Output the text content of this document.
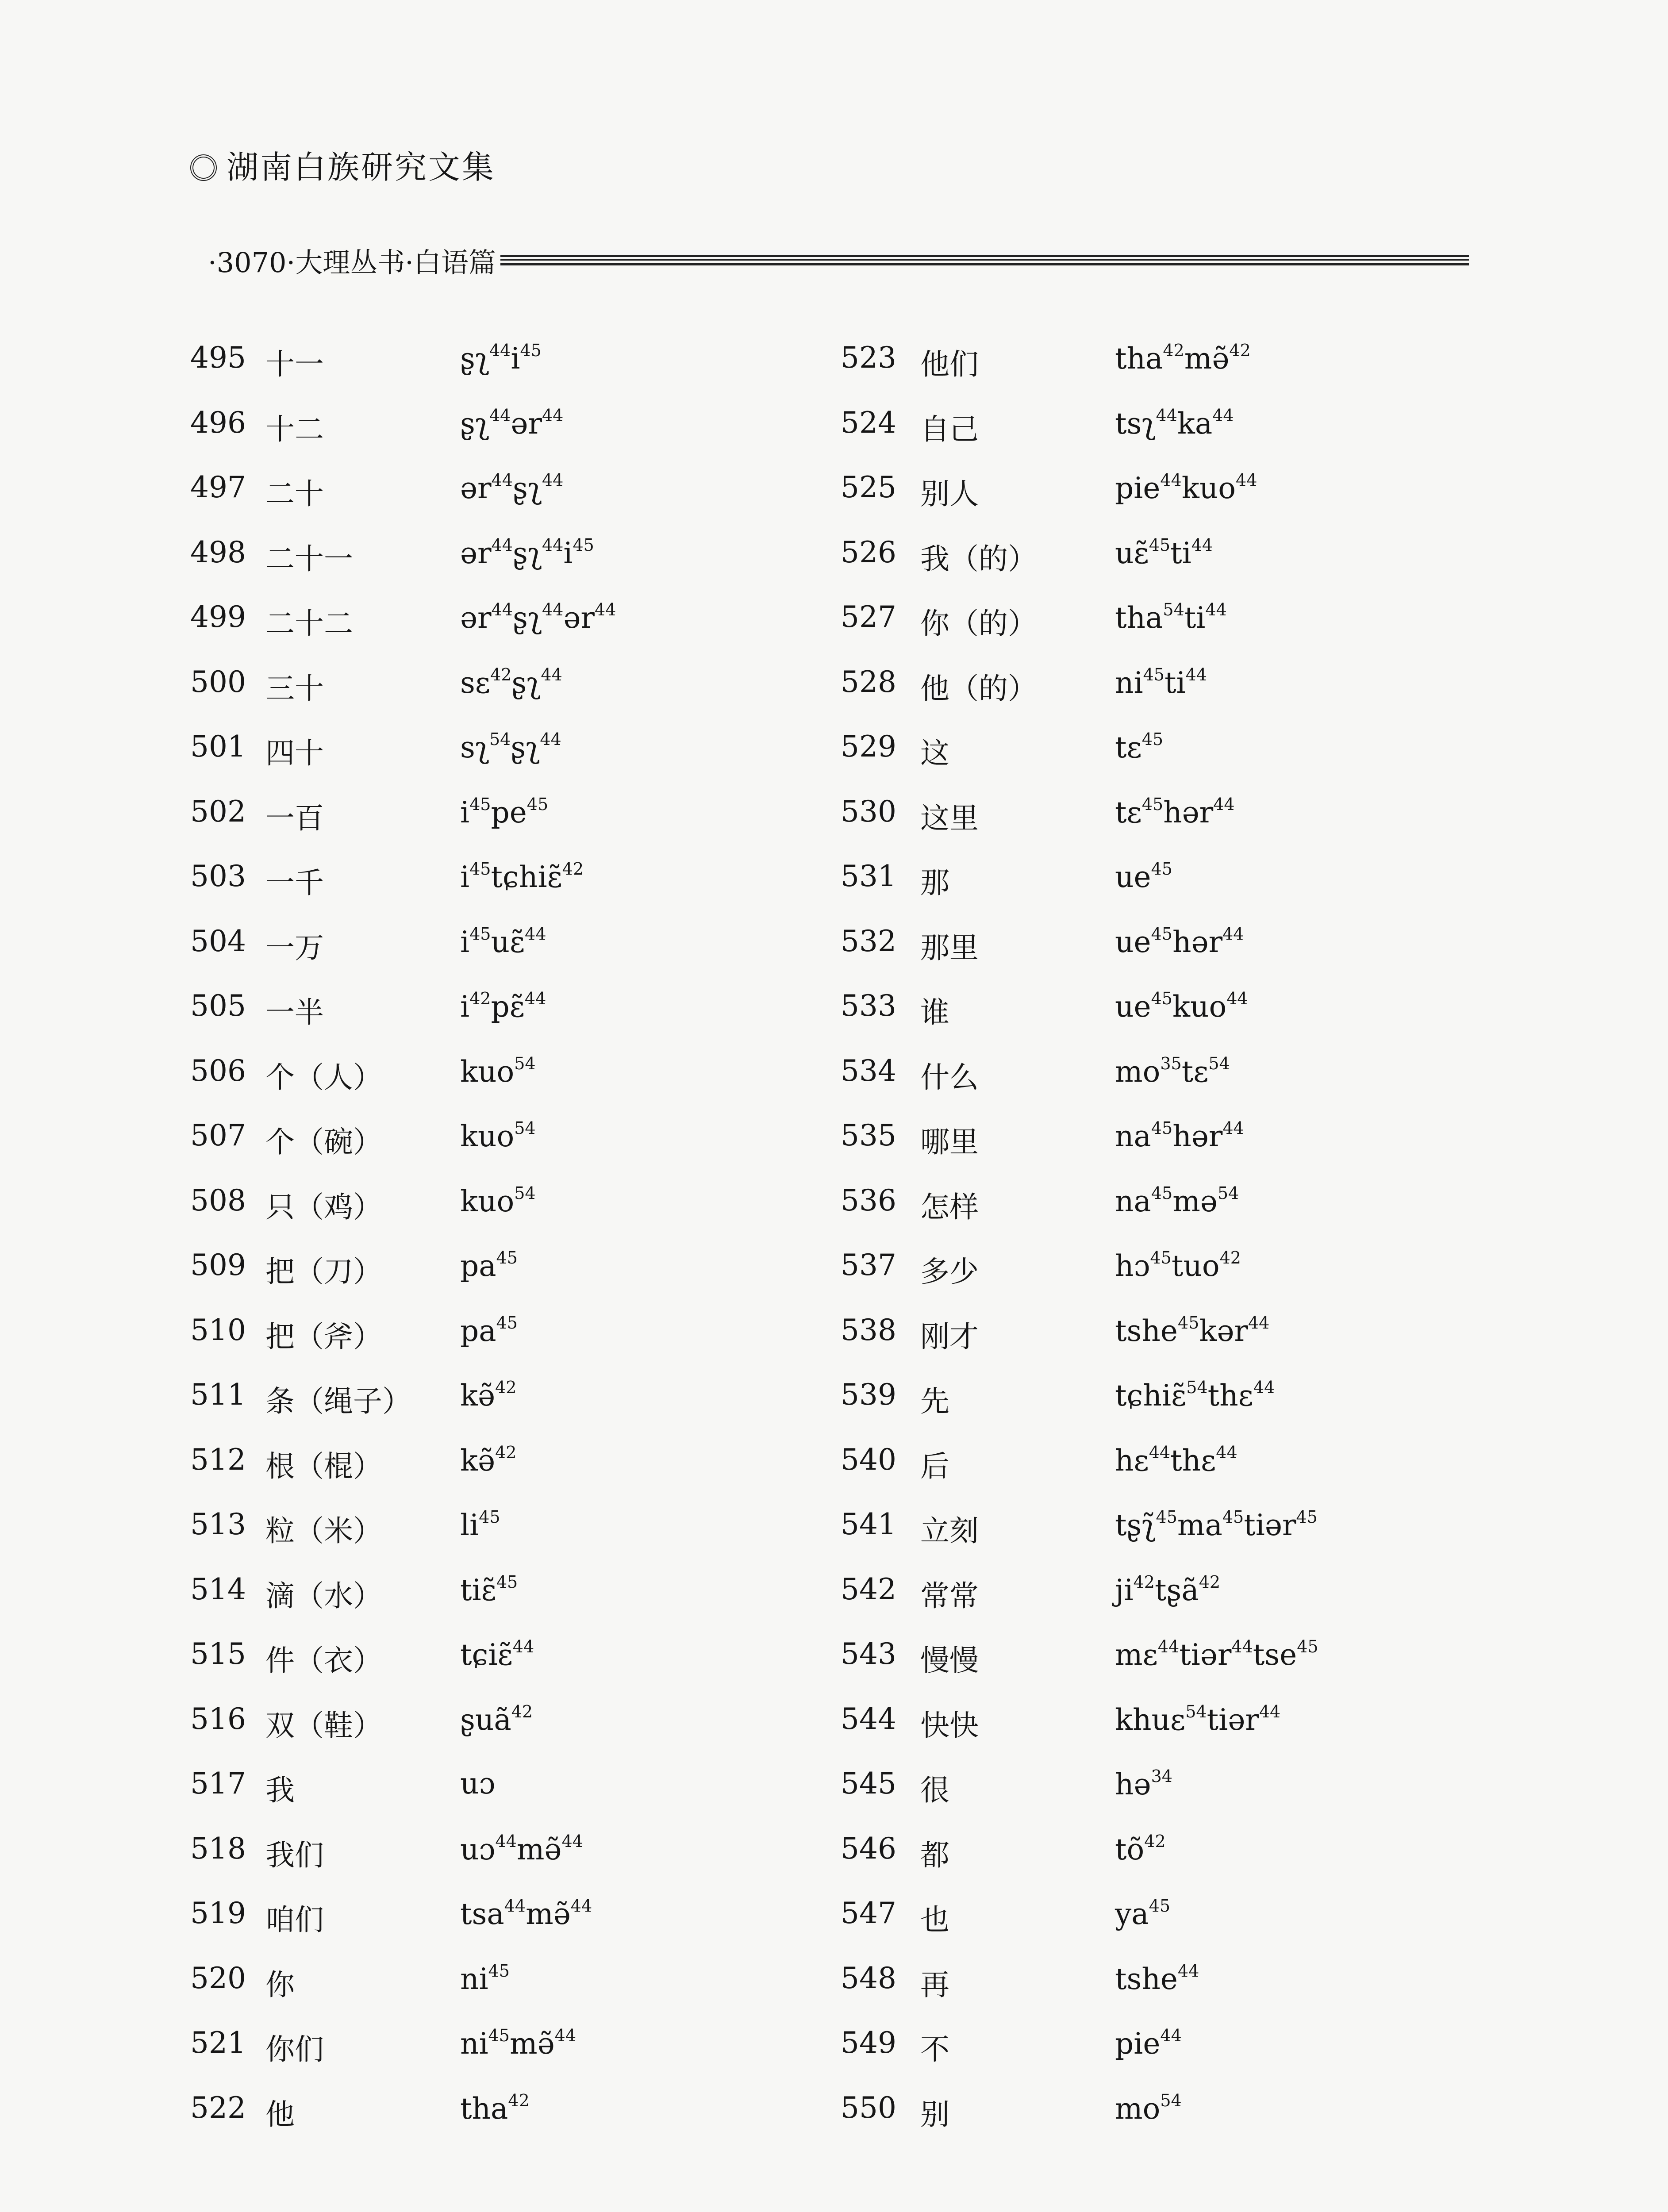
湖南白族研究文集
·3070·大理丛书·白语篇
495 十一	$ʂʅ^{44}i^{45}$
496 十二	ʂʅ$^{44}$ər$^{44}$
497 二十	ər$^{44}$ʂʅ$^{44}$
498 二十一	$ər^{44}ʂʅ^{44}i^{45}$
499 二十二	ər$^{44}$ʂʅ$^{44}$ər$^{44}$
500 三十	sɛ$^{42}$ʂʅ$^{44}$
501 四十	sʅ$^{54}$ʂʅ$^{44}$
502 一百	$i^{45}pe^{45}$
503 一千	$i^{45}tɕhiɛ̃^{42}$
504 一万	$i^{45}uɛ̃^{44}$
505 一半	$i^{42}pɛ̃^{44}$
506 个（人）	kuo$^{54}$
507 个（碗）	kuo$^{54}$
508 只（鸡）	kuo$^{54}$
509 把（刀）	$pa^{45}$
510 把（斧）	$pa^{45}$
511 条（绳子） kə̃$^{42}$
512 根（棍）	kə̃$^{42}$
513 粒（米）	$li^{45}$
514 滴（水）	tiɛ̃$^{45}$
515 件（衣）	tɕiɛ̃$^{44}$
516 双（鞋）	ʂuã$^{42}$
517 我	uɔ
518 我们	uɔ$^{44}$mə̃$^{44}$
519 咱们	tsa$^{44}$mə̃$^{44}$
520 你	$ni^{45}$
521 你们	$ni^{45}mə̃^{44}$
522 他	tha$^{42}$
523 他们	tha$^{42}$mə̃$^{42}$
524 自己	$tsʅ^{44}ka^{44}$
525 别人	pie$^{44}$kuo$^{44}$
526 我（的）	$uɛ̃^{45}ti^{44}$
527 你（的）	$tha^{54}ti^{44}$
528 他（的）	$ni^{45}ti^{44}$
529 这	tɛ$^{45}$
530 这里	tɛ$^{45}$hər$^{44}$
531 那	$ue^{45}$
532 那里	$ue^{45}hər^{44}$
533 谁	$ue^{45}kuo^{44}$
534 什么	$mo^{35}tɛ^{54}$
535 哪里	$na^{45}hər^{44}$
536 怎样	$na^{45}mə^{54}$
537 多少	hɔ$^{45}$tuo$^{42}$
538 刚才	tshe$^{45}$kər$^{44}$
539 先	tɕhiɛ̃$^{54}$thɛ$^{44}$
540 后	hɛ$^{44}$thɛ$^{44}$
541 立刻	$tʂʅ̃^{45}ma^{45}tiər^{45}$
542 常常	$ji^{42}tʂã^{42}$
543 慢慢	mɛ$^{44}$tiər$^{44}$tse$^{45}$
544 快快	khuɛ$^{54}$tiər$^{44}$
545 很	hə$^{34}$
546 都	$tõ^{42}$
547 也	$ya^{45}$
548 再	tshe$^{44}$
549 不	pie$^{44}$
550 别	$mo^{54}$
